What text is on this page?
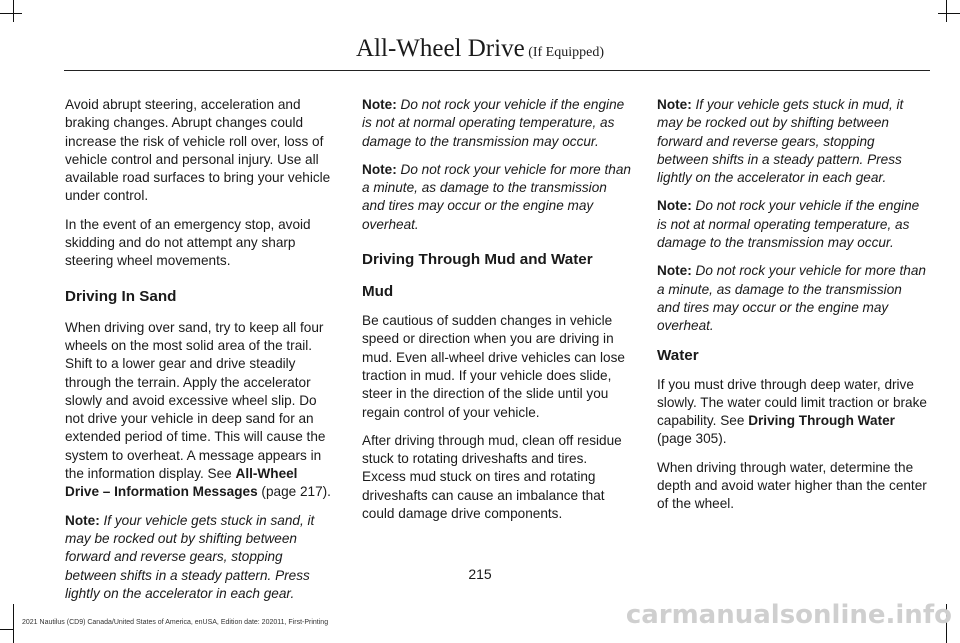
All-Wheel Drive (If Equipped)

Avoid abrupt steering, acceleration and braking changes. Abrupt changes could increase the risk of vehicle roll over, loss of vehicle control and personal injury. Use all available road surfaces to bring your vehicle under control.

In the event of an emergency stop, avoid skidding and do not attempt any sharp steering wheel movements.

Driving In Sand

When driving over sand, try to keep all four wheels on the most solid area of the trail. Shift to a lower gear and drive steadily through the terrain. Apply the accelerator slowly and avoid excessive wheel slip. Do not drive your vehicle in deep sand for an extended period of time. This will cause the system to overheat. A message appears in the information display. See All-Wheel Drive – Information Messages (page 217).

Note: If your vehicle gets stuck in sand, it may be rocked out by shifting between forward and reverse gears, stopping between shifts in a steady pattern. Press lightly on the accelerator in each gear.

Note: Do not rock your vehicle if the engine is not at normal operating temperature, as damage to the transmission may occur.

Note: Do not rock your vehicle for more than a minute, as damage to the transmission and tires may occur or the engine may overheat.

Driving Through Mud and Water
Mud

Be cautious of sudden changes in vehicle speed or direction when you are driving in mud. Even all-wheel drive vehicles can lose traction in mud. If your vehicle does slide, steer in the direction of the slide until you regain control of your vehicle.

After driving through mud, clean off residue stuck to rotating driveshafts and tires. Excess mud stuck on tires and rotating driveshafts can cause an imbalance that could damage drive components.

Note: If your vehicle gets stuck in mud, it may be rocked out by shifting between forward and reverse gears, stopping between shifts in a steady pattern. Press lightly on the accelerator in each gear.

Note: Do not rock your vehicle if the engine is not at normal operating temperature, as damage to the transmission may occur.

Note: Do not rock your vehicle for more than a minute, as damage to the transmission and tires may occur or the engine may overheat.

Water

If you must drive through deep water, drive slowly. The water could limit traction or brake capability. See Driving Through Water (page 305).

When driving through water, determine the depth and avoid water higher than the center of the wheel.

215
2021 Nautilus (CD9) Canada/United States of America, enUSA, Edition date: 202011, First-Printing	carmanualsonline.info
